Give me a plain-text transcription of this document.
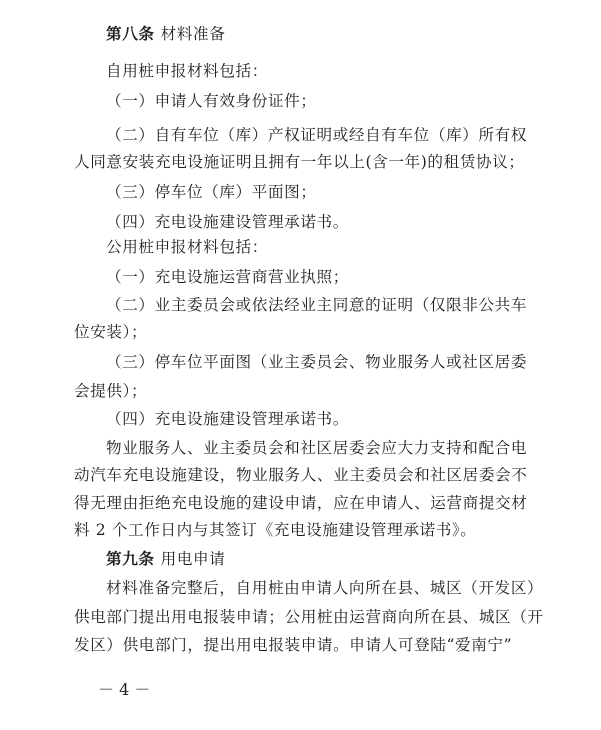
第八条 材料准备
自用桩申报材料包括：
（一）申请人有效身份证件；
（二）自有车位（库）产权证明或经自有车位（库）所有权
人同意安装充电设施证明且拥有一年以上(含一年)的租赁协议；
（三）停车位（库）平面图；
（四）充电设施建设管理承诺书。
公用桩申报材料包括：
（一）充电设施运营商营业执照；
（二）业主委员会或依法经业主同意的证明（仅限非公共车
位安装）；
（三）停车位平面图（业主委员会、物业服务人或社区居委
会提供）；
（四）充电设施建设管理承诺书。
物业服务人、业主委员会和社区居委会应大力支持和配合电
动汽车充电设施建设，物业服务人、业主委员会和社区居委会不
得无理由拒绝充电设施的建设申请，应在申请人、运营商提交材
料 2 个工作日内与其签订《充电设施建设管理承诺书》。
第九条 用电申请
材料准备完整后，自用桩由申请人向所在县、城区（开发区）
供电部门提出用电报装申请；公用桩由运营商向所在县、城区（开
发区）供电部门，提出用电报装申请。申请人可登陆“爱南宁”
－ 4 －
